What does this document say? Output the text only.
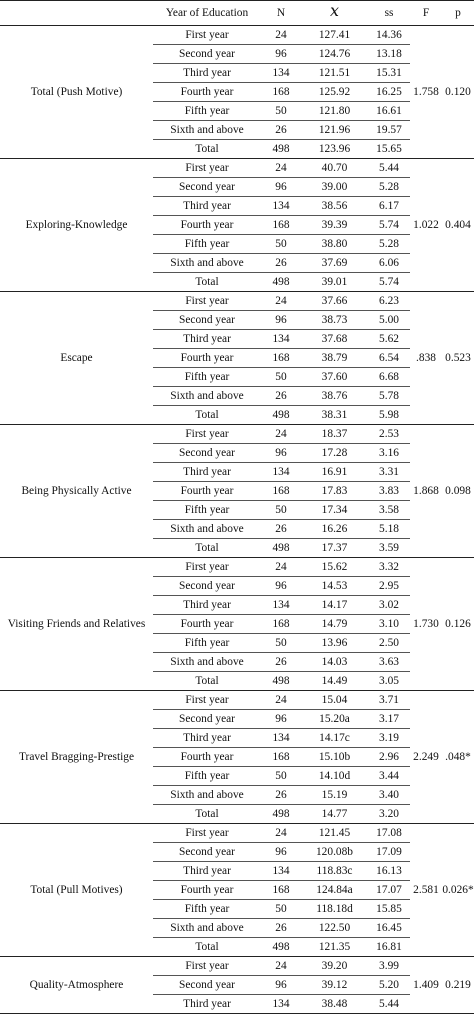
	Year of Education	N	$\overline{x}$	ss	F	p
Total (Push Motive)	First year	24	127.41	14.36	1.758	0.120
	Second year	96	124.76	13.18		
	Third year	134	121.51	15.31		
	Fourth year	168	125.92	16.25		
	Fifth year	50	121.80	16.61		
	Sixth and above	26	121.96	19.57		
	Total	498	123.96	15.65		
Exploring-Knowledge	First year	24	40.70	5.44	1.022	0.404
	Second year	96	39.00	5.28		
	Third year	134	38.56	6.17		
	Fourth year	168	39.39	5.74		
	Fifth year	50	38.80	5.28		
	Sixth and above	26	37.69	6.06		
	Total	498	39.01	5.74		
Escape	First year	24	37.66	6.23	.838	0.523
	Second year	96	38.73	5.00		
	Third year	134	37.68	5.62		
	Fourth year	168	38.79	6.54		
	Fifth year	50	37.60	6.68		
	Sixth and above	26	38.76	5.78		
	Total	498	38.31	5.98		
Being Physically Active	First year	24	18.37	2.53	1.868	0.098
	Second year	96	17.28	3.16		
	Third year	134	16.91	3.31		
	Fourth year	168	17.83	3.83		
	Fifth year	50	17.34	3.58		
	Sixth and above	26	16.26	5.18		
	Total	498	17.37	3.59		
Visiting Friends and Relatives	First year	24	15.62	3.32	1.730	0.126
	Second year	96	14.53	2.95		
	Third year	134	14.17	3.02		
	Fourth year	168	14.79	3.10		
	Fifth year	50	13.96	2.50		
	Sixth and above	26	14.03	3.63		
	Total	498	14.49	3.05		
Travel Bragging-Prestige	First year	24	15.04	3.71	2.249	.048*
	Second year	96	15.20a	3.17		
	Third year	134	14.17c	3.19		
	Fourth year	168	15.10b	2.96		
	Fifth year	50	14.10d	3.44		
	Sixth and above	26	15.19	3.40		
	Total	498	14.77	3.20		
Total (Pull Motives)	First year	24	121.45	17.08	2.581	0.026*
	Second year	96	120.08b	17.09		
	Third year	134	118.83c	16.13		
	Fourth year	168	124.84a	17.07		
	Fifth year	50	118.18d	15.85		
	Sixth and above	26	122.50	16.45		
	Total	498	121.35	16.81		
Quality-Atmosphere	First year	24	39.20	3.99	1.409	0.219
	Second year	96	39.12	5.20		
	Third year	134	38.48	5.44		
